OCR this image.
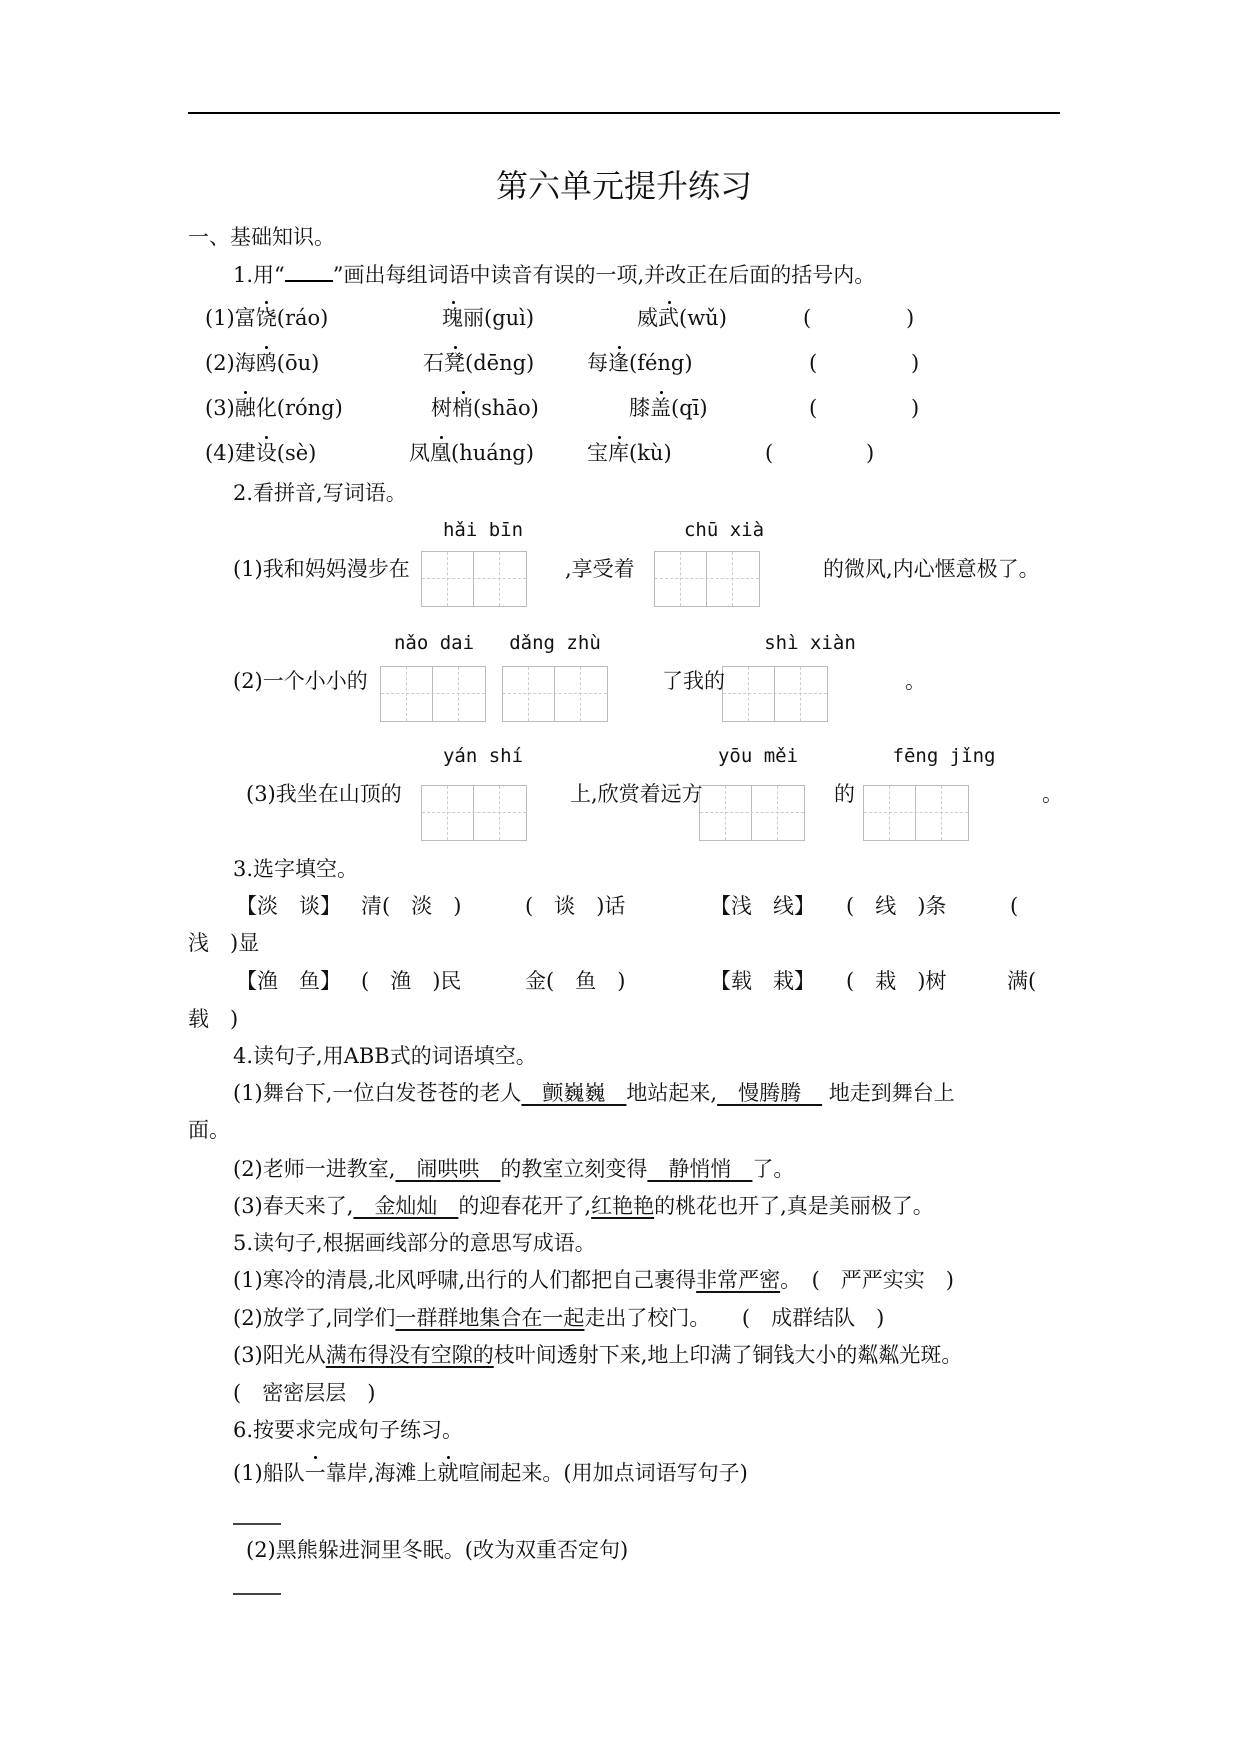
第六单元提升练习
一、基础知识。
1.用“ ”画出每组词语中读音有误的一项,并改正在后面的括号内。
(1)富饶(ráo)	瑰丽(guì)	威武(wǔ)	(	)
(2)海鸥(ōu)	石凳(dēng)	每逢(féng)	(	)
(3)融化(róng)	树梢(shāo)	膝盖(qī)	(	)
(4)建设(sè)	凤凰(huáng)	宝库(kù)	(	)
2.看拼音,写词语。
hǎi bīn	chū xià
(1)我和妈妈漫步在	,享受着	的微风,内心惬意极了。
nǎo dai dǎng zhù	shì xiàn
(2)一个小小的	了我的	。
yán shí	yōu měi	fēng jǐng
(3)我坐在山顶的	上,欣赏着远方	的	。
3.选字填空。
【淡　谈】 清(　淡　)	(　谈　)话	【浅　线】 (　线　)条	(
浅　)显
【渔　鱼】 (　渔　)民	金(　鱼　)	【载　栽】 (　栽　)树	满(
载　)
4.读句子,用ABB式的词语填空。
(1)舞台下,一位白发苍苍的老人　颤巍巍　地站起来,　慢腾腾　 地走到舞台上
面。
(2)老师一进教室,　闹哄哄　的教室立刻变得　静悄悄　了。
(3)春天来了,　金灿灿　的迎春花开了,红艳艳的桃花也开了,真是美丽极了。
5.读句子,根据画线部分的意思写成语。
(1)寒冷的清晨,北风呼啸,出行的人们都把自己裹得非常严密。　(　严严实实　)
(2)放学了,同学们一群群地集合在一起走出了校门。　　(　成群结队　)
(3)阳光从满布得没有空隙的枝叶间透射下来,地上印满了铜钱大小的粼粼光斑。
(　密密层层　)
6.按要求完成句子练习。
(1)船队一靠岸,海滩上就喧闹起来。(用加点词语写句子)
(2)黑熊躲进洞里冬眠。(改为双重否定句)
